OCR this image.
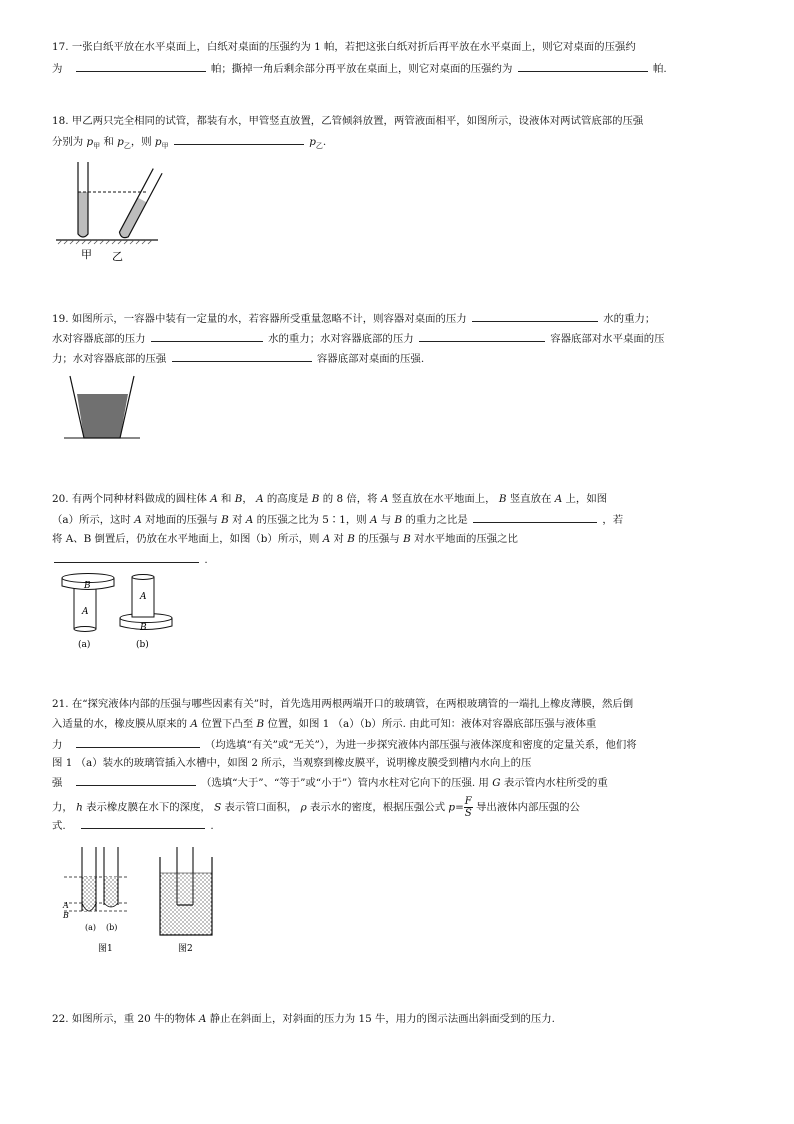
17. 一张白纸平放在水平桌面上，白纸对桌面的压强约为 1 帕，若把这张白纸对折后再平放在水平桌面上，则它对桌面的压强约
为	帕；撕掉一角后剩余部分再平放在桌面上，则它对桌面的压强约为	帕.
18. 甲乙两只完全相同的试管，都装有水，甲管竖直放置，乙管倾斜放置，两管液面相平，如图所示，设液体对两试管底部的压强
分别为 $p_甲$ 和 $p_乙$，则 $p_甲$	$p_乙$.
甲 乙
19. 如图所示，一容器中装有一定量的水，若容器所受重量忽略不计，则容器对桌面的压力	水的重力；
水对容器底部的压力	水的重力；水对容器底部的压力	容器底部对水平桌面的压
力；水对容器底部的压强	容器底部对桌面的压强.
20. 有两个同种材料做成的圆柱体 A 和 B， A 的高度是 B 的 8 倍，将 A 竖直放在水平地面上， B 竖直放在 A 上，如图
（a）所示，这时 A 对地面的压强与 B 对 A 的压强之比为 5∶1，则 A 与 B 的重力之比是	，若
将 A、B 倒置后，仍放在水平地面上，如图（b）所示，则 A 对 B 的压强与 B 对水平地面的压强之比
.
B
A
(a)
A
B
(b)
21. 在“探究液体内部的压强与哪些因素有关”时，首先选用两根两端开口的玻璃管，在两根玻璃管的一端扎上橡皮薄膜，然后倒
入适量的水，橡皮膜从原来的 A 位置下凸至 B 位置，如图 1 （a）（b）所示. 由此可知：液体对容器底部压强与液体重
力	（均选填“有关”或“无关”），为进一步探究液体内部压强与液体深度和密度的定量关系，他们将
图 1 （a）装水的玻璃管插入水槽中，如图 2 所示，当观察到橡皮膜平，说明橡皮膜受到槽内水向上的压
强	（选填“大于”、“等于”或“小于”）管内水柱对它向下的压强. 用 G 表示管内水柱所受的重
力， h 表示橡皮膜在水下的深度， S 表示管口面积， ρ 表示水的密度，根据压强公式 $p= \frac{F}{S}$ 导出液体内部压强的公
式.	.
A
B
(a) (b)
图1	图2
22. 如图所示，重 20 牛的物体 A 静止在斜面上，对斜面的压力为 15 牛，用力的图示法画出斜面受到的压力.
